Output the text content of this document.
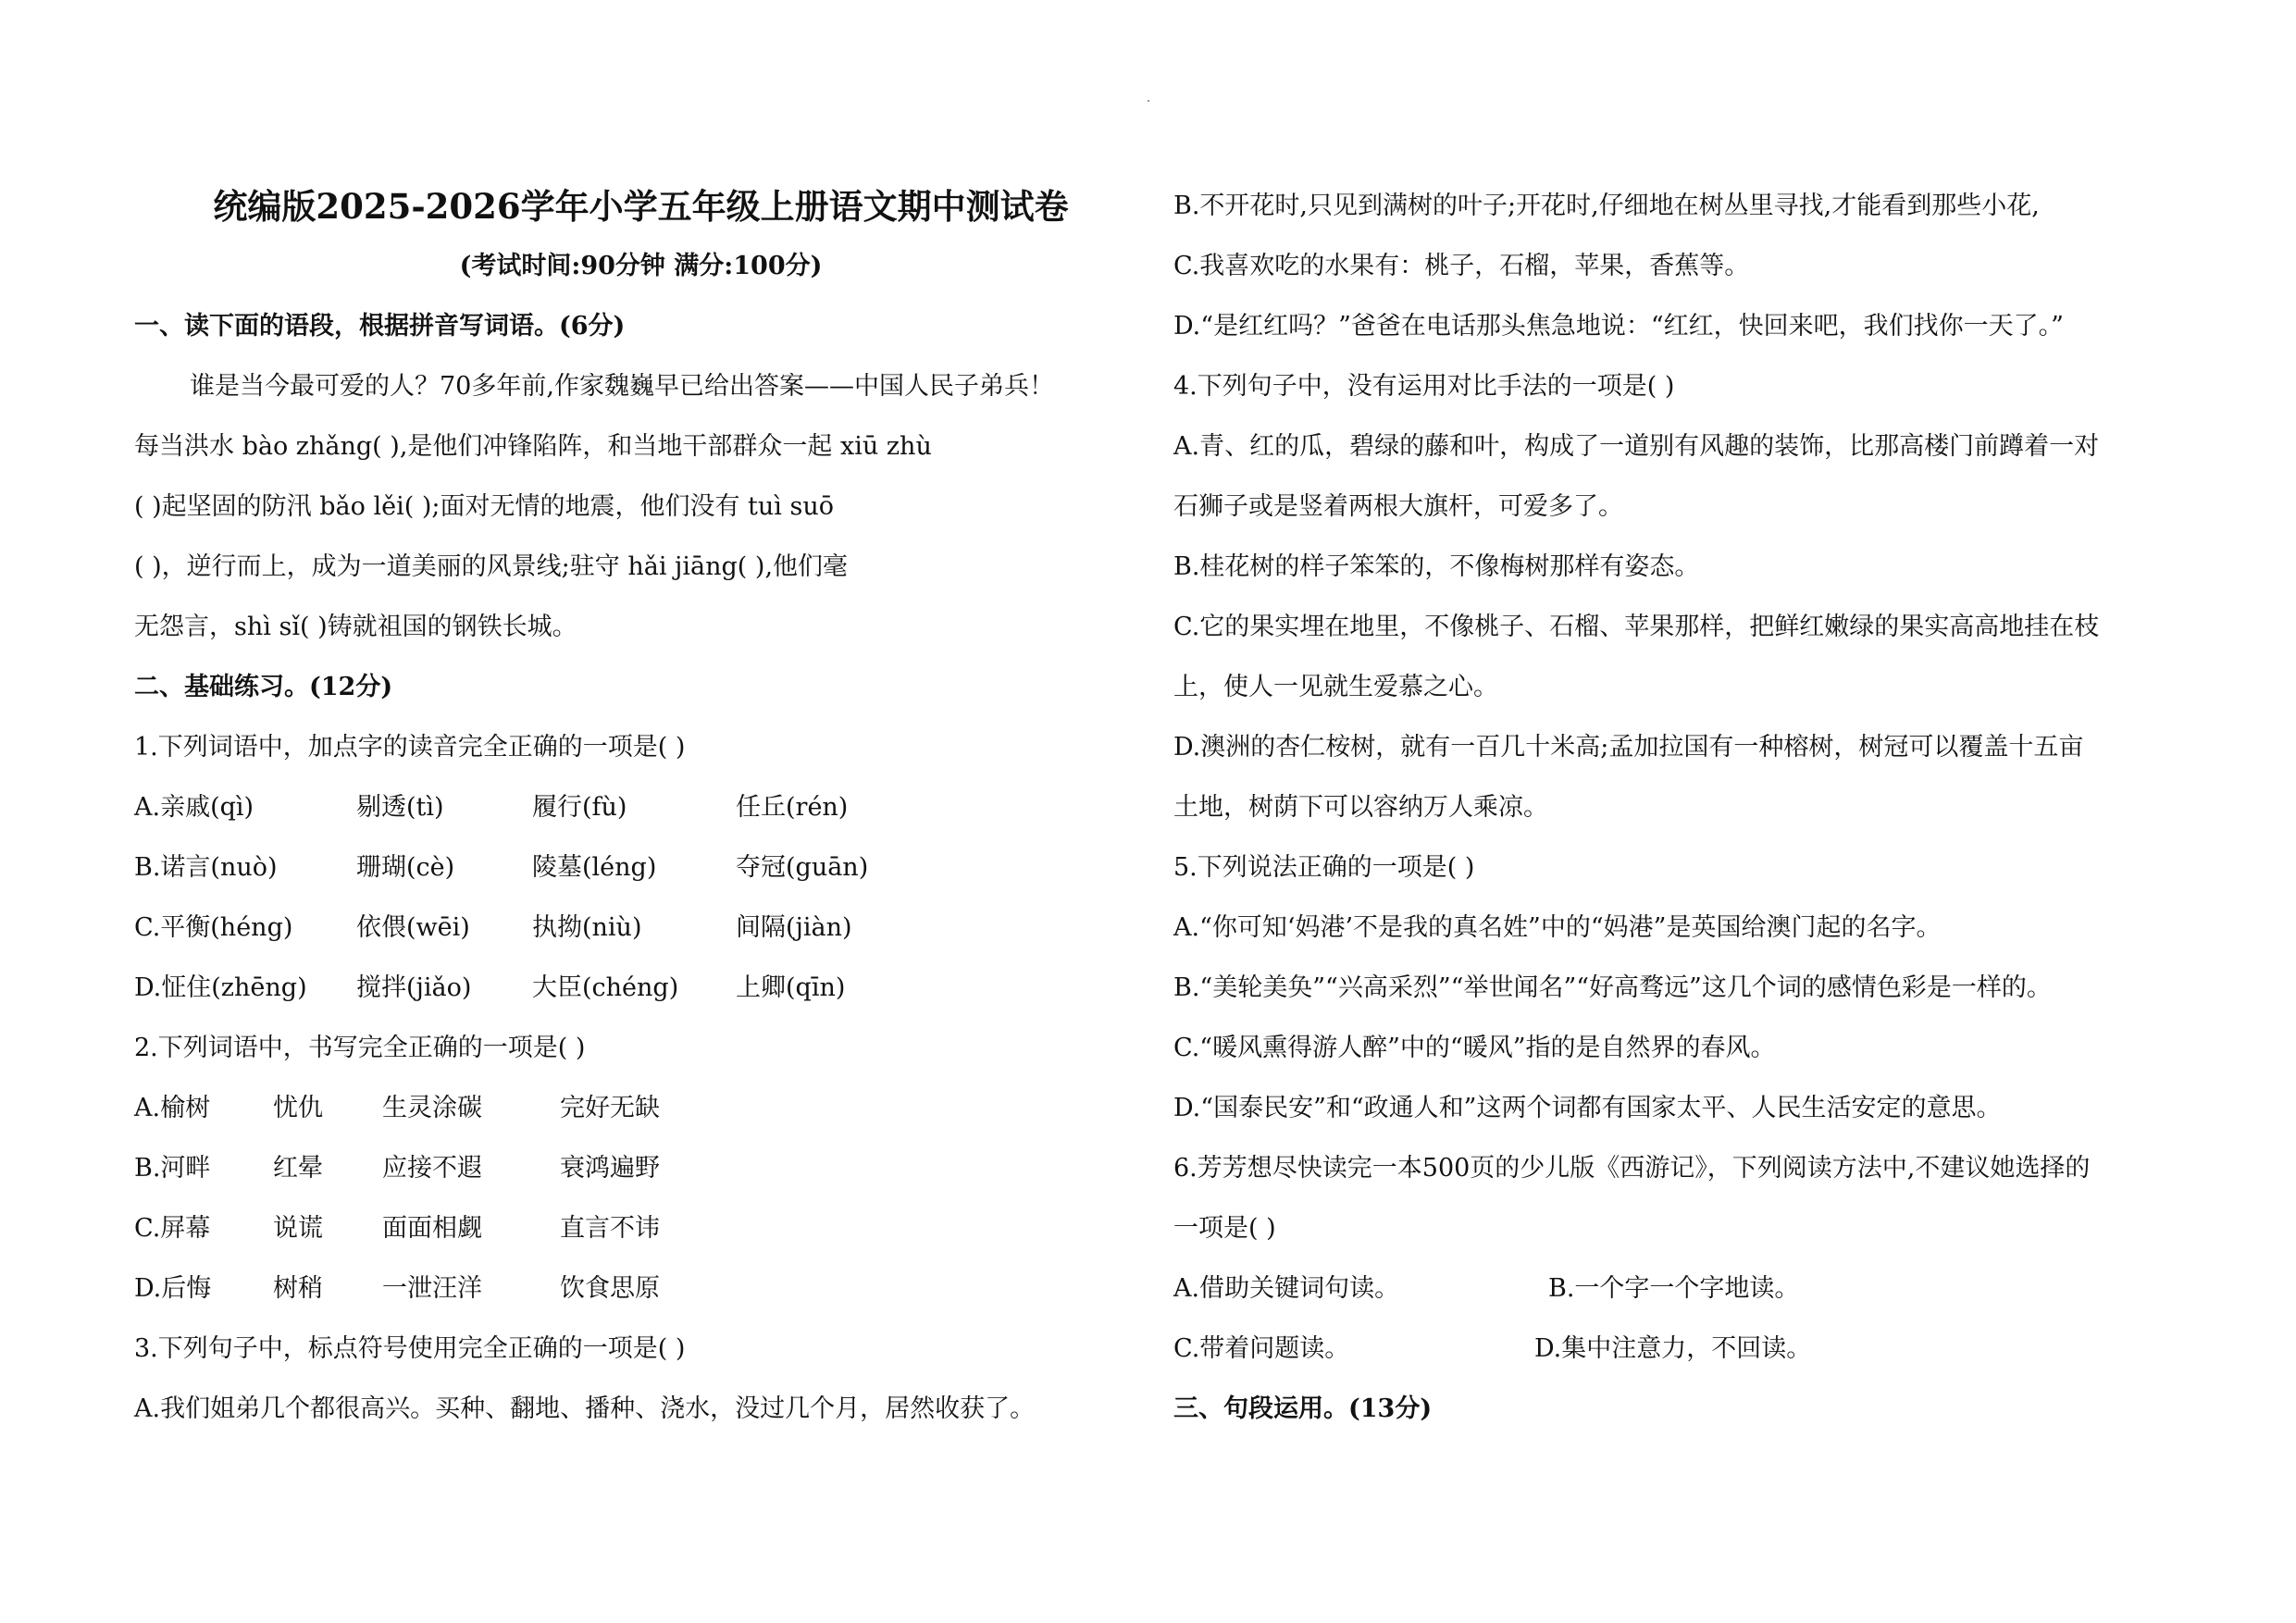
统编版2025-2026学年小学五年级上册语文期中测试卷
(考试时间:90分钟 满分:100分)
一、读下面的语段，根据拼音写词语。(6分)
谁是当今最可爱的人？70多年前,作家魏巍早已给出答案——中国人民子弟兵！
每当洪水 bào zhǎng( ),是他们冲锋陷阵，和当地干部群众一起 xiū zhù
( )起坚固的防汛 bǎo lěi( );面对无情的地震，他们没有 tuì suō
( )，逆行而上，成为一道美丽的风景线;驻守 hǎi jiāng( ),他们毫
无怨言，shì sǐ( )铸就祖国的钢铁长城。
二、基础练习。(12分)
1.下列词语中，加点字的读音完全正确的一项是( )
A.亲戚(qì)	剔透(tì)	履行(fù)	任丘(rén)
B.诺言(nuò)	珊瑚(cè)	陵墓(léng)	夺冠(guān)
C.平衡(héng)	依偎(wēi) 执拗(niù)	间隔(jiàn)
D.怔住(zhēng) 搅拌(jiǎo) 大臣(chéng) 上卿(qīn)
2.下列词语中，书写完全正确的一项是( )
A.榆树	忧仇 生灵涂碳	完好无缺
B.河畔	红晕 应接不遐	衰鸿遍野
C.屏幕	说谎 面面相觑	直言不讳
D.后悔 树稍 一泄汪洋	饮食思原
3.下列句子中，标点符号使用完全正确的一项是( )
A.我们姐弟几个都很高兴。买种、翻地、播种、浇水，没过几个月，居然收获了。
B.不开花时,只见到满树的叶子;开花时,仔细地在树丛里寻找,才能看到那些小花,
C.我喜欢吃的水果有：桃子，石榴，苹果，香蕉等。
D.“是红红吗？”爸爸在电话那头焦急地说：“红红，快回来吧，我们找你一天了。”
4.下列句子中，没有运用对比手法的一项是( )
A.青、红的瓜，碧绿的藤和叶，构成了一道别有风趣的装饰，比那高楼门前蹲着一对
石狮子或是竖着两根大旗杆，可爱多了。
B.桂花树的样子笨笨的，不像梅树那样有姿态。
C.它的果实埋在地里，不像桃子、石榴、苹果那样，把鲜红嫩绿的果实高高地挂在枝
上，使人一见就生爱慕之心。
D.澳洲的杏仁桉树，就有一百几十米高;孟加拉国有一种榕树，树冠可以覆盖十五亩
土地，树荫下可以容纳万人乘凉。
5.下列说法正确的一项是( )
A.“你可知‘妈港’不是我的真名姓”中的“妈港”是英国给澳门起的名字。
B.“美轮美奂”“兴高采烈”“举世闻名”“好高骛远”这几个词的感情色彩是一样的。
C.“暖风熏得游人醉”中的“暖风”指的是自然界的春风。
D.“国泰民安”和“政通人和”这两个词都有国家太平、人民生活安定的意思。
6.芳芳想尽快读完一本500页的少儿版《西游记》，下列阅读方法中,不建议她选择的
一项是( )
A.借助关键词句读。	B.一个字一个字地读。
C.带着问题读。	D.集中注意力，不回读。
三、句段运用。(13分)
